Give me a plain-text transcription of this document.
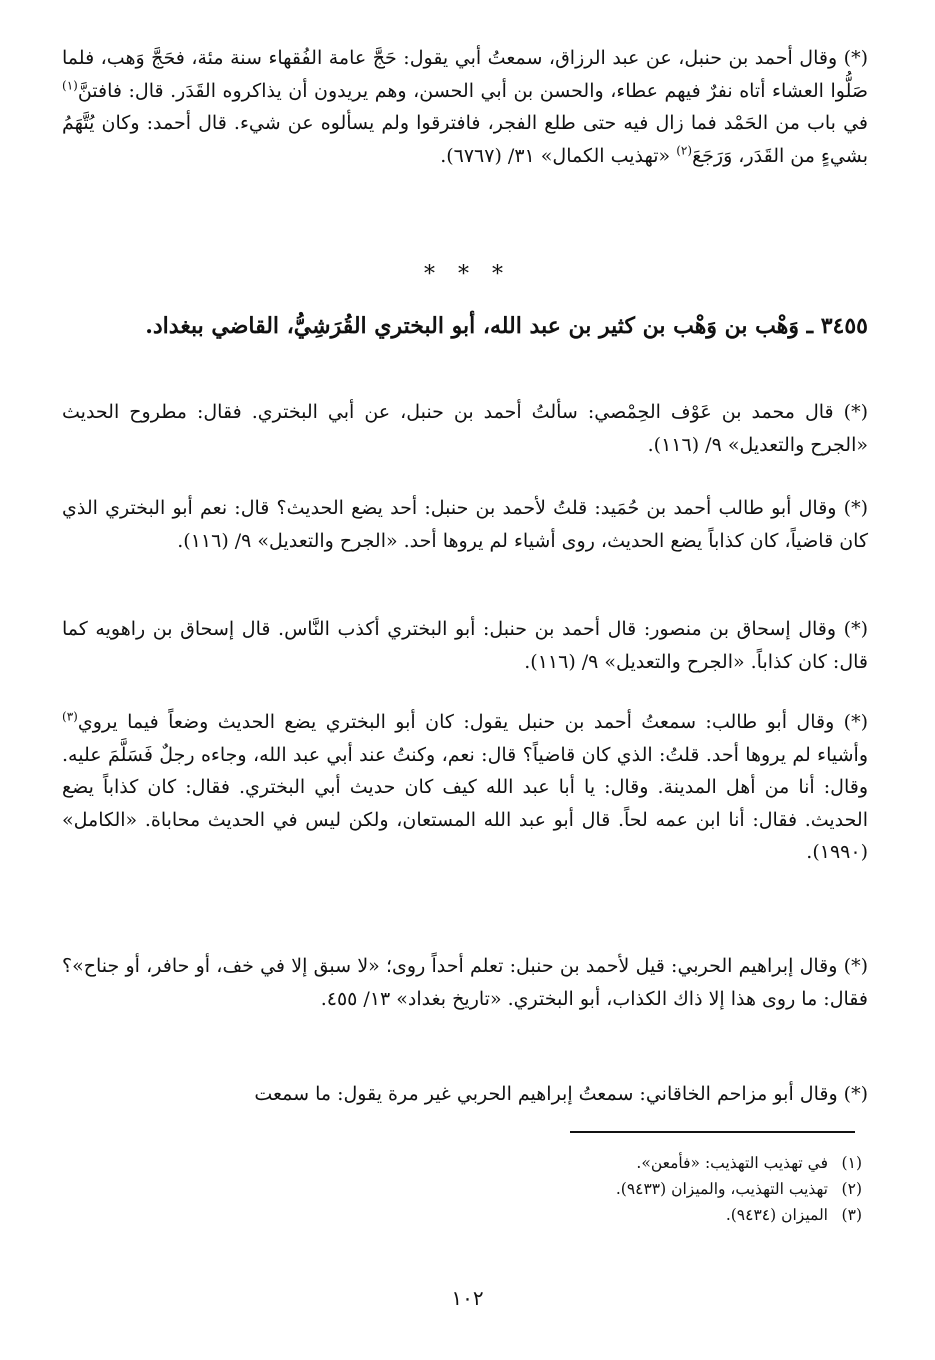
(*) وقال أحمد بن حنبل، عن عبد الرزاق، سمعتُ أبي يقول: حَجَّ عامة الفُقهاء سنة مئة، فحَجَّ وَهب، فلما صَلُّوا العشاء أتاه نفرٌ فيهم عطاء، والحسن بن أبي الحسن، وهم يريدون أن يذاكروه القَدَر. قال: فافتنَّ$^{(١)}$ في باب من الحَمْد فما زال فيه حتى طلع الفجر، فافترقوا ولم يسألوه عن شيء. قال أحمد: وكان يُتَّهَمُ بشيءٍ من القَدَر، وَرَجَعَ$^{(٢)}$ «تهذيب الكمال» ٣١/ (٦٧٦٧).

* * *
٣٤٥٥ ـ وَهْب بن وَهْب بن كثير بن عبد الله، أبو البختري القُرَشِيُّ، القاضي ببغداد.

(*) قال محمد بن عَوْف الحِمْصي: سألتُ أحمد بن حنبل، عن أبي البختري. فقال: مطروح الحديث «الجرح والتعديل» ٩/ (١١٦).

(*) وقال أبو طالب أحمد بن حُمَيد: قلتُ لأحمد بن حنبل: أحد يضع الحديث؟ قال: نعم أبو البختري الذي كان قاضياً، كان كذاباً يضع الحديث، روى أشياء لم يروها أحد. «الجرح والتعديل» ٩/ (١١٦).

(*) وقال إسحاق بن منصور: قال أحمد بن حنبل: أبو البختري أكذب النَّاس. قال إسحاق بن راهويه كما قال: كان كذاباً. «الجرح والتعديل» ٩/ (١١٦).

(*) وقال أبو طالب: سمعتُ أحمد بن حنبل يقول: كان أبو البختري يضع الحديث وضعاً فيما يروي$^{(٣)}$ وأشياء لم يروها أحد. قلتُ: الذي كان قاضياً؟ قال: نعم، وكنتُ عند أبي عبد الله، وجاءه رجلٌ فَسَلَّمَ عليه. وقال: أنا من أهل المدينة. وقال: يا أبا عبد الله كيف كان حديث أبي البختري. فقال: كان كذاباً يضع الحديث. فقال: أنا ابن عمه لحاً. قال أبو عبد الله المستعان، ولكن ليس في الحديث محاباة. «الكامل» (١٩٩٠).

(*) وقال إبراهيم الحربي: قيل لأحمد بن حنبل: تعلم أحداً روى؛ «لا سبق إلا في خف، أو حافر، أو جناح»؟ فقال: ما روى هذا إلا ذاك الكذاب، أبو البختري. «تاريخ بغداد» ١٣/ ٤٥٥.

(*) وقال أبو مزاحم الخاقاني: سمعتُ إبراهيم الحربي غير مرة يقول: ما سمعت

(١)في تهذيب التهذيب: «فأمعن».
(٢)تهذيب التهذيب، والميزان (٩٤٣٣).
(٣)الميزان (٩٤٣٤).
١٠٢
